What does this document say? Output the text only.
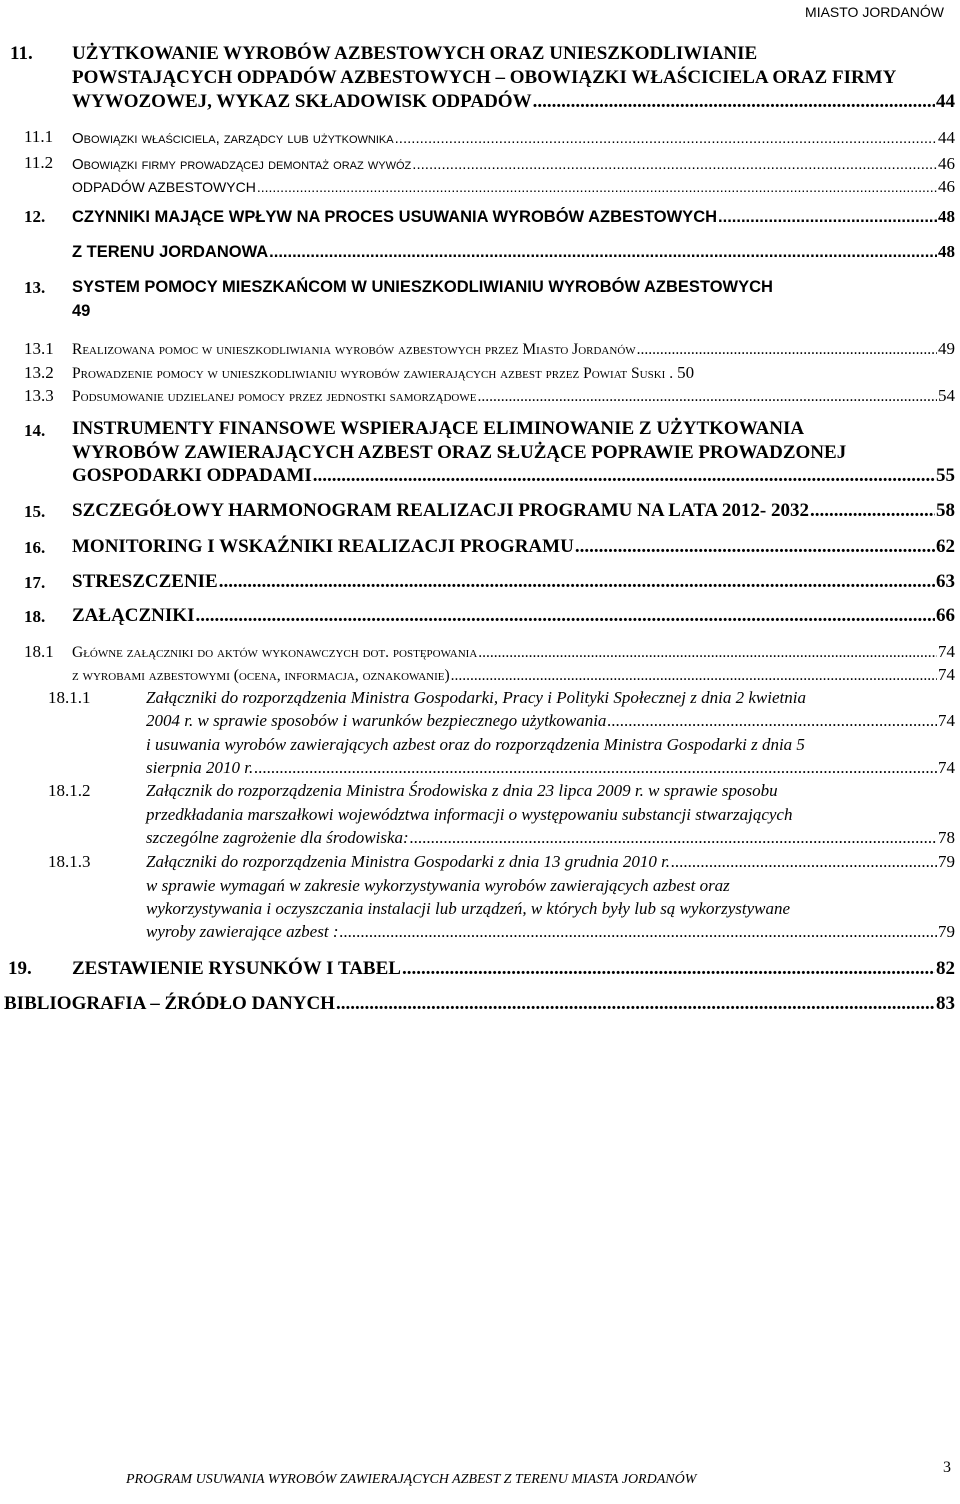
MIASTO JORDANÓW
11. UŻYTKOWANIE WYROBÓW AZBESTOWYCH ORAZ UNIESZKODLIWIANIE
POWSTAJĄCYCH ODPADÓW AZBESTOWYCH – OBOWIĄZKI WŁAŚCICIELA ORAZ FIRMY
WYWOZOWEJ, WYKAZ SKŁADOWISK ODPADÓW .....	44
11.1 Obowiązki właściciela, zarządcy lub użytkownika .....	44
11.2 Obowiązki firmy prowadzącej demontaż oraz wywóz .....	46
ODPADÓW AZBESTOWYCH .....	46
12. CZYNNIKI MAJĄCE WPŁYW NA PROCES USUWANIA WYROBÓW AZBESTOWYCH .....	48
Z TERENU JORDANOWA .....	48
13. SYSTEM POMOCY MIESZKAŃCOM W UNIESZKODLIWIANIU WYROBÓW AZBESTOWYCH
49
13.1 Realizowana pomoc w unieszkodliwiania wyrobów azbestowych przez Miasto Jordanów .....	49
13.2 Prowadzenie pomocy w unieszkodliwianiu wyrobów zawierających azbest przez Powiat Suski . 50
13.3 Podsumowanie udzielanej pomocy przez jednostki samorządowe .....	54
14. INSTRUMENTY FINANSOWE WSPIERAJĄCE ELIMINOWANIE Z UŻYTKOWANIA
WYROBÓW ZAWIERAJĄCYCH AZBEST ORAZ SŁUŻĄCE POPRAWIE PROWADZONEJ
GOSPODARKI ODPADAMI .....	55
15. SZCZEGÓŁOWY HARMONOGRAM REALIZACJI PROGRAMU NA LATA 2012- 2032 .....	58
16. MONITORING I WSKAŹNIKI REALIZACJI PROGRAMU .....	62
17. STRESZCZENIE .....	63
18. ZAŁĄCZNIKI .....	66
18.1 Główne załączniki do aktów wykonawczych dot. postępowania .....	74
z wyrobami azbestowymi (ocena, informacja, oznakowanie) .....	74
18.1.1	Załączniki do rozporządzenia Ministra Gospodarki, Pracy i Polityki Społecznej z dnia 2 kwietnia
2004 r. w sprawie sposobów i warunków bezpiecznego użytkowania .....	74
i usuwania wyrobów zawierających azbest oraz do rozporządzenia Ministra Gospodarki z dnia 5
sierpnia 2010 r. .....	74
18.1.2	Załącznik do rozporządzenia Ministra Środowiska z dnia 23 lipca 2009 r. w sprawie sposobu
przedkładania marszałkowi województwa informacji o występowaniu substancji stwarzających
szczególne zagrożenie dla środowiska: .....	78
18.1.3	Załączniki do rozporządzenia Ministra Gospodarki z dnia 13 grudnia 2010 r. .....	79
w sprawie wymagań w zakresie wykorzystywania wyrobów zawierających azbest oraz
wykorzystywania i oczyszczania instalacji lub urządzeń, w których były lub są wykorzystywane
wyroby zawierające azbest : .....	79
19. ZESTAWIENIE RYSUNKÓW I TABEL .....	82
BIBLIOGRAFIA – ŹRÓDŁO DANYCH .....	83
PROGRAM USUWANIA WYROBÓW ZAWIERAJĄCYCH AZBEST Z TERENU MIASTA JORDANÓW
3
